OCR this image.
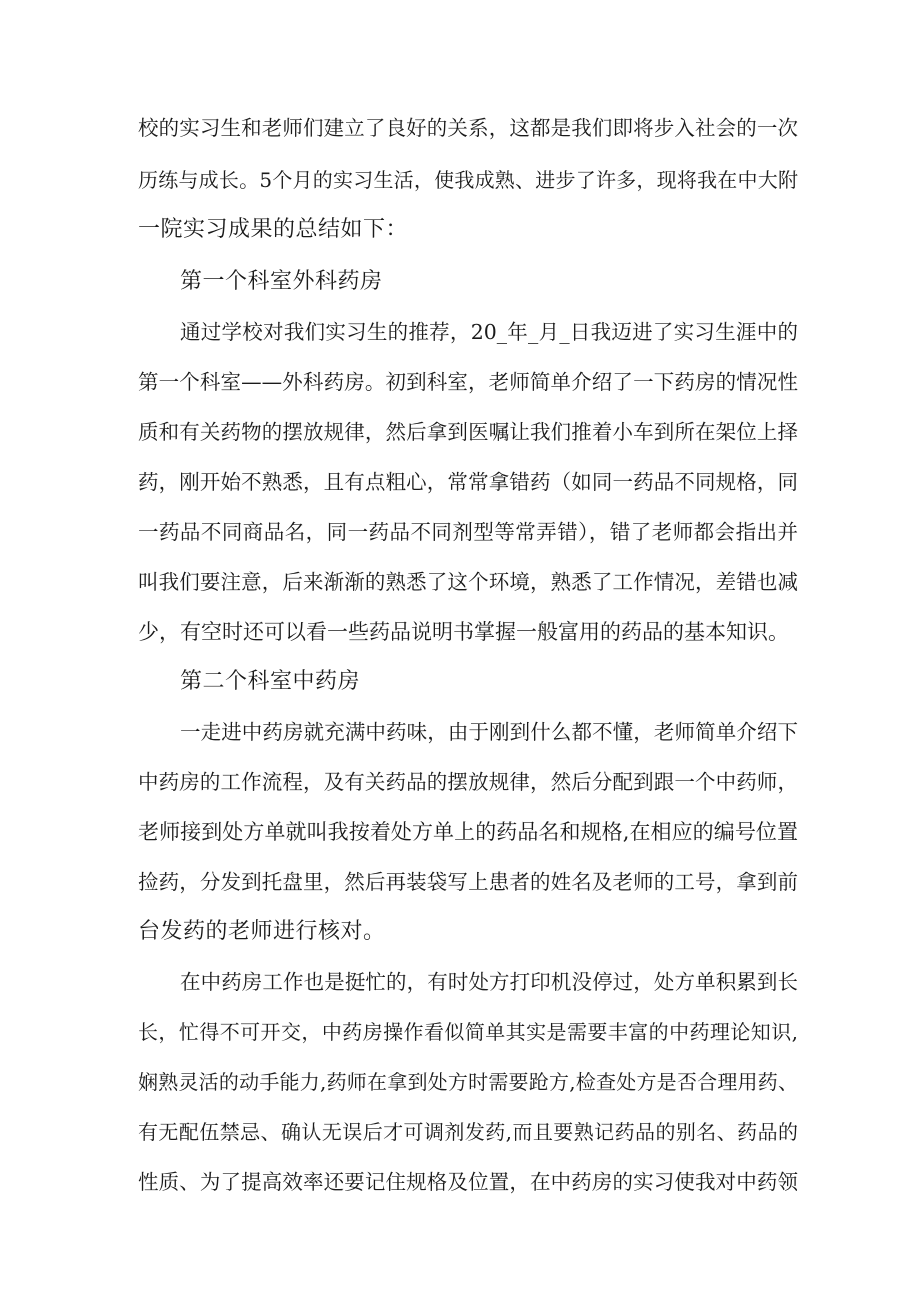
校的实习生和老师们建立了良好的关系，这都是我们即将步入社会的一次
历练与成长。5个月的实习生活，使我成熟、进步了许多，现将我在中大附
一院实习成果的总结如下：
第一个科室外科药房
通过学校对我们实习生的推荐，20_年_月_日我迈进了实习生涯中的
第一个科室——外科药房。初到科室，老师简单介绍了一下药房的情况性
质和有关药物的摆放规律，然后拿到医嘱让我们推着小车到所在架位上择
药，刚开始不熟悉，且有点粗心，常常拿错药（如同一药品不同规格，同
一药品不同商品名，同一药品不同剂型等常弄错），错了老师都会指出并
叫我们要注意，后来渐渐的熟悉了这个环境，熟悉了工作情况，差错也减
少，有空时还可以看一些药品说明书掌握一般富用的药品的基本知识。
第二个科室中药房
一走进中药房就充满中药味，由于刚到什么都不懂，老师简单介绍下
中药房的工作流程，及有关药品的摆放规律，然后分配到跟一个中药师，
老师接到处方单就叫我按着处方单上的药品名和规格,在相应的编号位置
捡药，分发到托盘里，然后再装袋写上患者的姓名及老师的工号，拿到前
台发药的老师进行核对。
在中药房工作也是挺忙的，有时处方打印机没停过，处方单积累到长
长，忙得不可开交，中药房操作看似简单其实是需要丰富的中药理论知识,
娴熟灵活的动手能力,药师在拿到处方时需要跄方,检查处方是否合理用药、
有无配伍禁忌、确认无误后才可调剂发药,而且要熟记药品的别名、药品的
性质、为了提高效率还要记住规格及位置，在中药房的实习使我对中药领
